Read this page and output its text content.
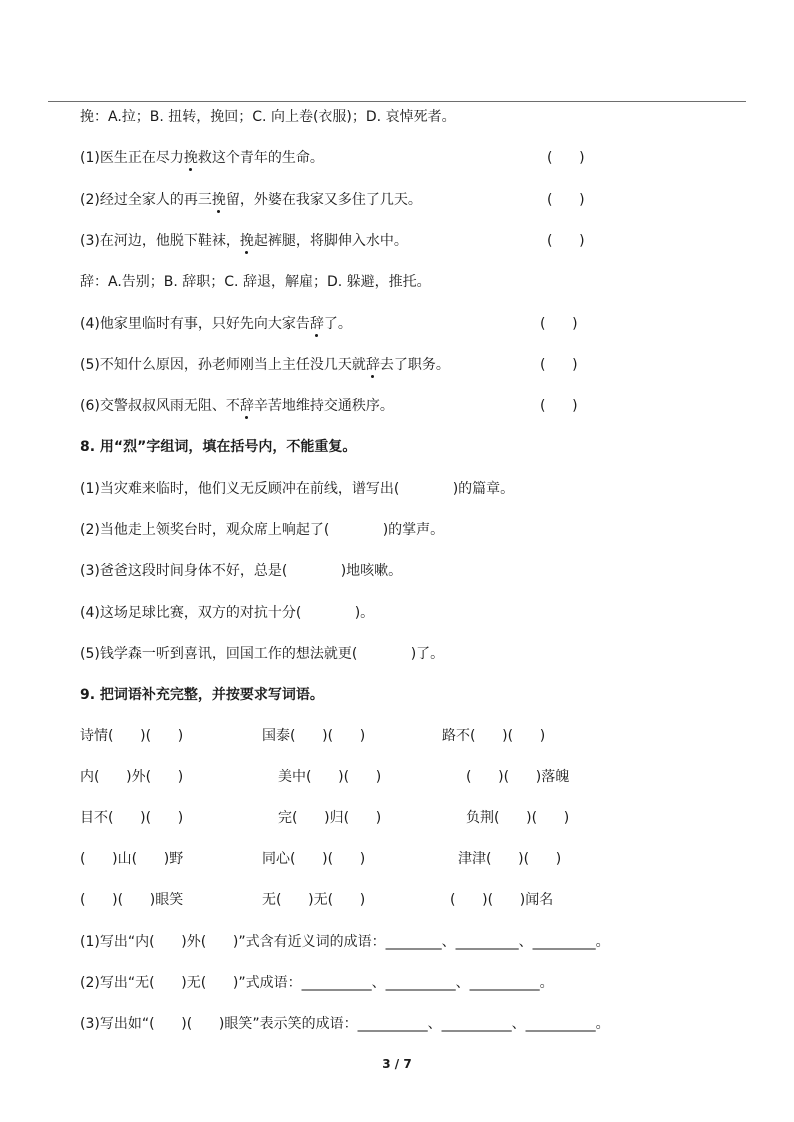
挽：A.拉；B. 扭转，挽回；C. 向上卷(衣服)；D. 哀悼死者。
(1)医生正在尽力挽救这个青年的生命。	(      )
(2)经过全家人的再三挽留，外婆在我家又多住了几天。	(      )
(3)在河边，他脱下鞋袜，挽起裤腿，将脚伸入水中。	(      )
辞：A.告别；B. 辞职；C. 辞退，解雇；D. 躲避，推托。
(4)他家里临时有事，只好先向大家告辞了。	(      )
(5)不知什么原因，孙老师刚当上主任没几天就辞去了职务。	(      )
(6)交警叔叔风雨无阻、不辞辛苦地维持交通秩序。	(      )
8. 用“烈”字组词，填在括号内，不能重复。
(1)当灾难来临时，他们义无反顾冲在前线，谱写出(            )的篇章。
(2)当他走上领奖台时，观众席上响起了(            )的掌声。
(3)爸爸这段时间身体不好，总是(            )地咳嗽。
(4)这场足球比赛，双方的对抗十分(            )。
(5)钱学森一听到喜讯，回国工作的想法就更(            )了。
9. 把词语补充完整，并按要求写词语。
诗情(      )(      )	国泰(      )(      )	路不(      )(      )
内(      )外(      )	美中(      )(      )	(      )(      )落魄
目不(      )(      )	完(      )归(      )	负荆(      )(      )
(      )山(      )野	同心(      )(      )	津津(      )(      )
(      )(      )眼笑	无(      )无(      )	(      )(      )闻名
(1)写出“内(      )外(      )”式含有近义词的成语：________、_________、_________。
(2)写出“无(      )无(      )”式成语：__________、__________、__________。
(3)写出如“(      )(      )眼笑”表示笑的成语：__________、__________、__________。
3 / 7
